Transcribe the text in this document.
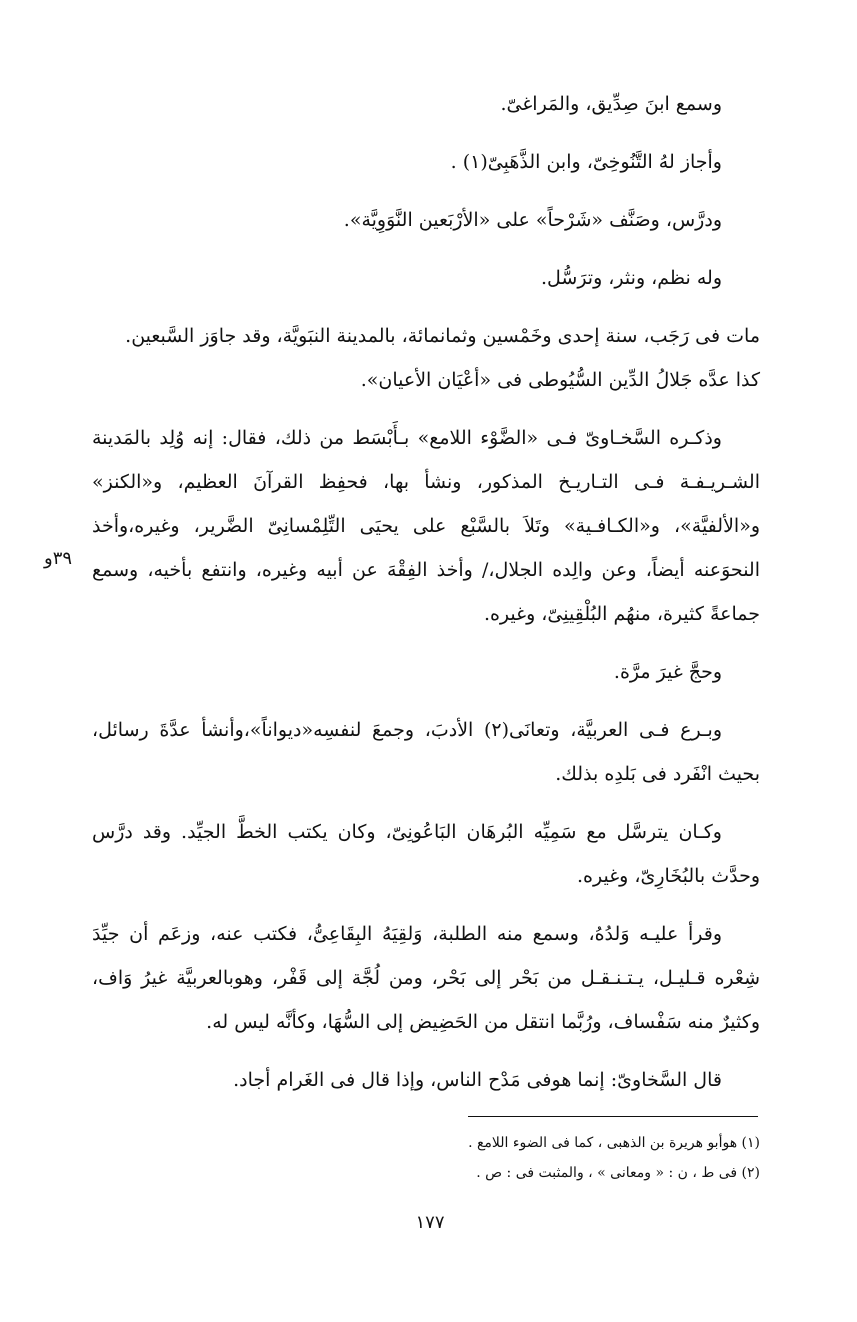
وسمع ابنَ صِدِّيق، والمَراغىّ.

وأجاز لهُ التَّنُوخِىّ، وابن الذَّهَبِىّ(١) .

ودرَّس، وصَنَّف «شَرْحاً» على «الأرْبَعين النَّوَوِيَّة».

وله نظم، ونثر، وترَسُّل.

مات فى رَجَب، سنة إحدى وخَمْسين وثمانمائة، بالمدينة النبَويَّة، وقد جاوَز السَّبعين.

كذا عدَّه جَلالُ الدِّين السُّيُوطى فى «أعْيَان الأعيان».

وذكـره السَّخـاوىّ فـى «الضَّوْء اللامع» بـأَبْسَط من ذلك، فقال: إنه وُلِد بالمَدينة الشـريـفـة فـى التـاريـخ المذكور، ونشأ بها، فحفِظ القرآنَ العظيم، و«الكنز» و«الألفيَّة»، و«الكـافـية» وتَلاَ بالسَّبْع على يحيَى التِّلِمْسانِىّ الضَّرير، وغيره،وأخذ النحوَعنه أيضاً، وعن والِده الجلال،/ وأخذ الفِقْهَ عن أبيه وغيره، وانتفع بأخيه، وسمع جماعةً كثيرة، منهُم البُلْقِينِىّ، وغيره.

وحجَّ غيرَ مرَّة.

وبـرع فـى العربيَّة، وتعانَى(٢) الأدبَ، وجمعَ لنفسِه«ديواناً»،وأنشأ عدَّةَ رسائل، بحيث انْفَرد فى بَلدِه بذلك.

وكـان يترسَّل مع سَمِيِّه البُرهَان البَاعُونِىّ، وكان يكتب الخطَّ الجيِّد. وقد درَّس وحدَّث بالبُخَارِىّ، وغيره.

وقرأ عليـه وَلدُهُ، وسمع منه الطلبة، وَلقِيَهُ البِقَاعِىُّ، فكتب عنه، وزعَم أن جيِّدَ شِعْره قـليـل، يـتـنـقـل من بَحْر إلى بَحْر، ومن لُجَّة إلى قَفْر، وهوبالعربيَّة غيرُ وَاف، وكثيرٌ منه سَفْساف، ورُبَّما انتقل من الحَضِيض إلى السُّهَا، وكأنَّه ليس له.

قال السَّخاوىّ: إنما هوفى مَدْح الناس، وإذا قال فى الغَرام أجاد.

٣٩و

(١) هوأبو هريرة بن الذهبى ، كما فى الضوء اللامع .

(٢) فى ط ، ن : « ومعانى » ، والمثبت فى : ص .

١٧٧
